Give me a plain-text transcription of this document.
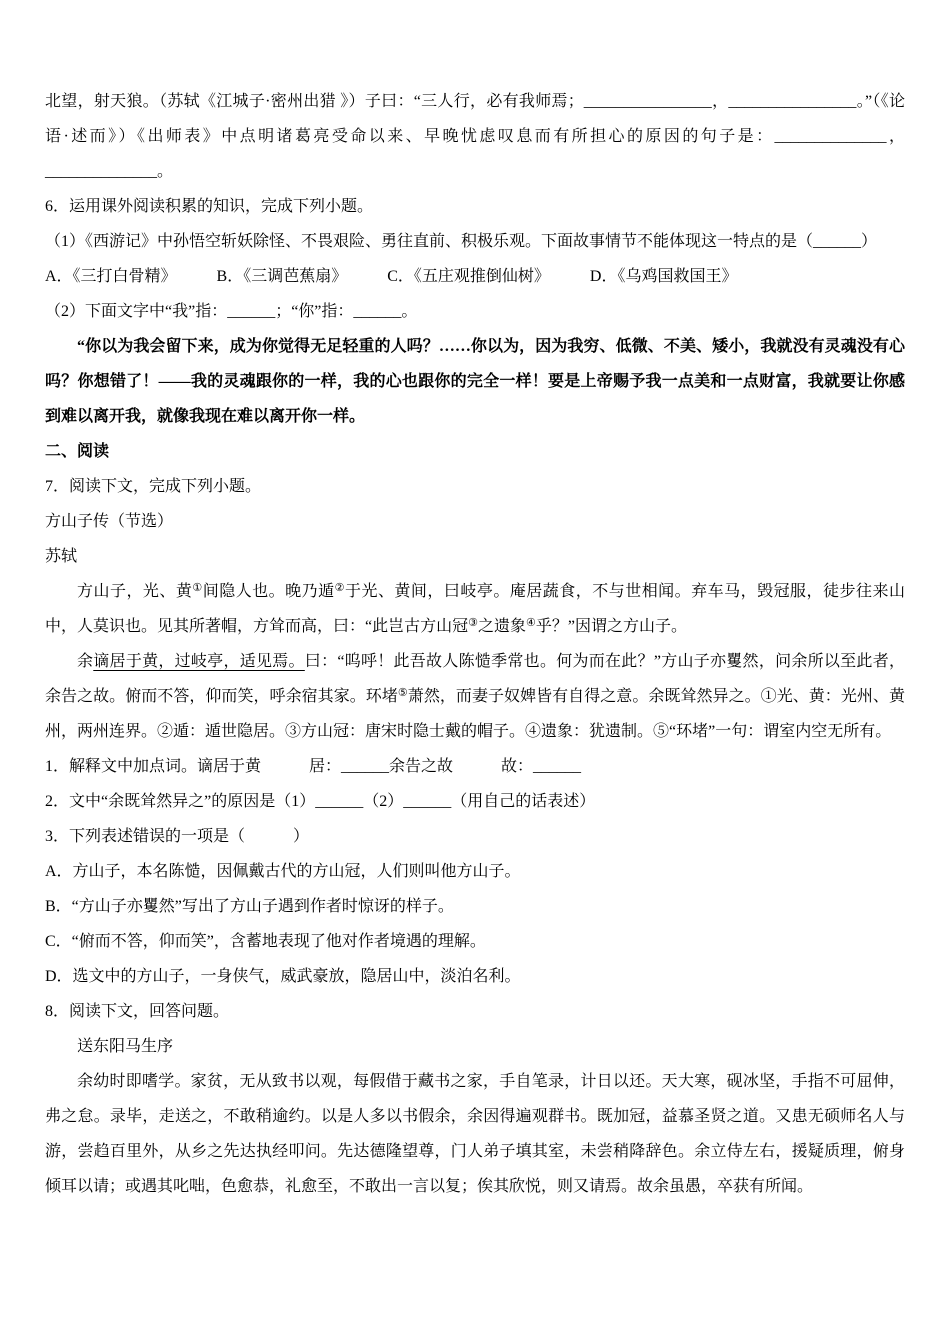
北望，射天狼。（苏轼《江城子·密州出猎 》）子曰：“三人行，必有我师焉；________________，________________。”（《论语·述而》）《出师表》中点明诸葛亮受命以来、早晚忧虑叹息而有所担心的原因的句子是：______________，______________。

6．运用课外阅读积累的知识，完成下列小题。

（1）《西游记》中孙悟空斩妖除怪、不畏艰险、勇往直前、积极乐观。下面故事情节不能体现这一特点的是（______）

A．《三打白骨精》　　　B．《三调芭蕉扇》　　　C．《五庄观推倒仙树》　　　D．《乌鸡国救国王》

（2）下面文字中“我”指：______；“你”指：______。

“你以为我会留下来，成为你觉得无足轻重的人吗？……你以为，因为我穷、低微、不美、矮小，我就没有灵魂没有心吗？你想错了！——我的灵魂跟你的一样，我的心也跟你的完全一样！要是上帝赐予我一点美和一点财富，我就要让你感到难以离开我，就像我现在难以离开你一样。

二、阅读

7．阅读下文，完成下列小题。

方山子传（节选）

苏轼

方山子，光、黄①间隐人也。晚乃遁②于光、黄间，曰岐亭。庵居蔬食，不与世相闻。弃车马，毁冠服，徒步往来山中，人莫识也。见其所著帽，方耸而高，曰：“此岂古方山冠③之遗象④乎？”因谓之方山子。

余谪居于黄，过岐亭，适见焉。曰：“呜呼！此吾故人陈慥季常也。何为而在此？”方山子亦矍然，问余所以至此者，余告之故。俯而不答，仰而笑，呼余宿其家。环堵⑤萧然，而妻子奴婢皆有自得之意。余既耸然异之。①光、黄：光州、黄州，两州连界。②遁：遁世隐居。③方山冠：唐宋时隐士戴的帽子。④遗象：犹遗制。⑤“环堵”一句：谓室内空无所有。

1．解释文中加点词。谪居于黄　　　居：______余告之故　　　故：______

2．文中“余既耸然异之”的原因是（1）______（2）______（用自己的话表述）

3．下列表述错误的一项是（　　　）

A．方山子，本名陈慥，因佩戴古代的方山冠，人们则叫他方山子。

B．“方山子亦矍然”写出了方山子遇到作者时惊讶的样子。

C．“俯而不答，仰而笑”，含蓄地表现了他对作者境遇的理解。

D．选文中的方山子，一身侠气，威武豪放，隐居山中，淡泊名利。

8．阅读下文，回答问题。

送东阳马生序

余幼时即嗜学。家贫，无从致书以观，每假借于藏书之家，手自笔录，计日以还。天大寒，砚冰坚，手指不可屈伸，弗之怠。录毕，走送之，不敢稍逾约。以是人多以书假余，余因得遍观群书。既加冠，益慕圣贤之道。又患无硕师名人与游，尝趋百里外，从乡之先达执经叩问。先达德隆望尊，门人弟子填其室，未尝稍降辞色。余立侍左右，援疑质理，俯身倾耳以请；或遇其叱咄，色愈恭，礼愈至，不敢出一言以复；俟其欣悦，则又请焉。故余虽愚，卒获有所闻。
